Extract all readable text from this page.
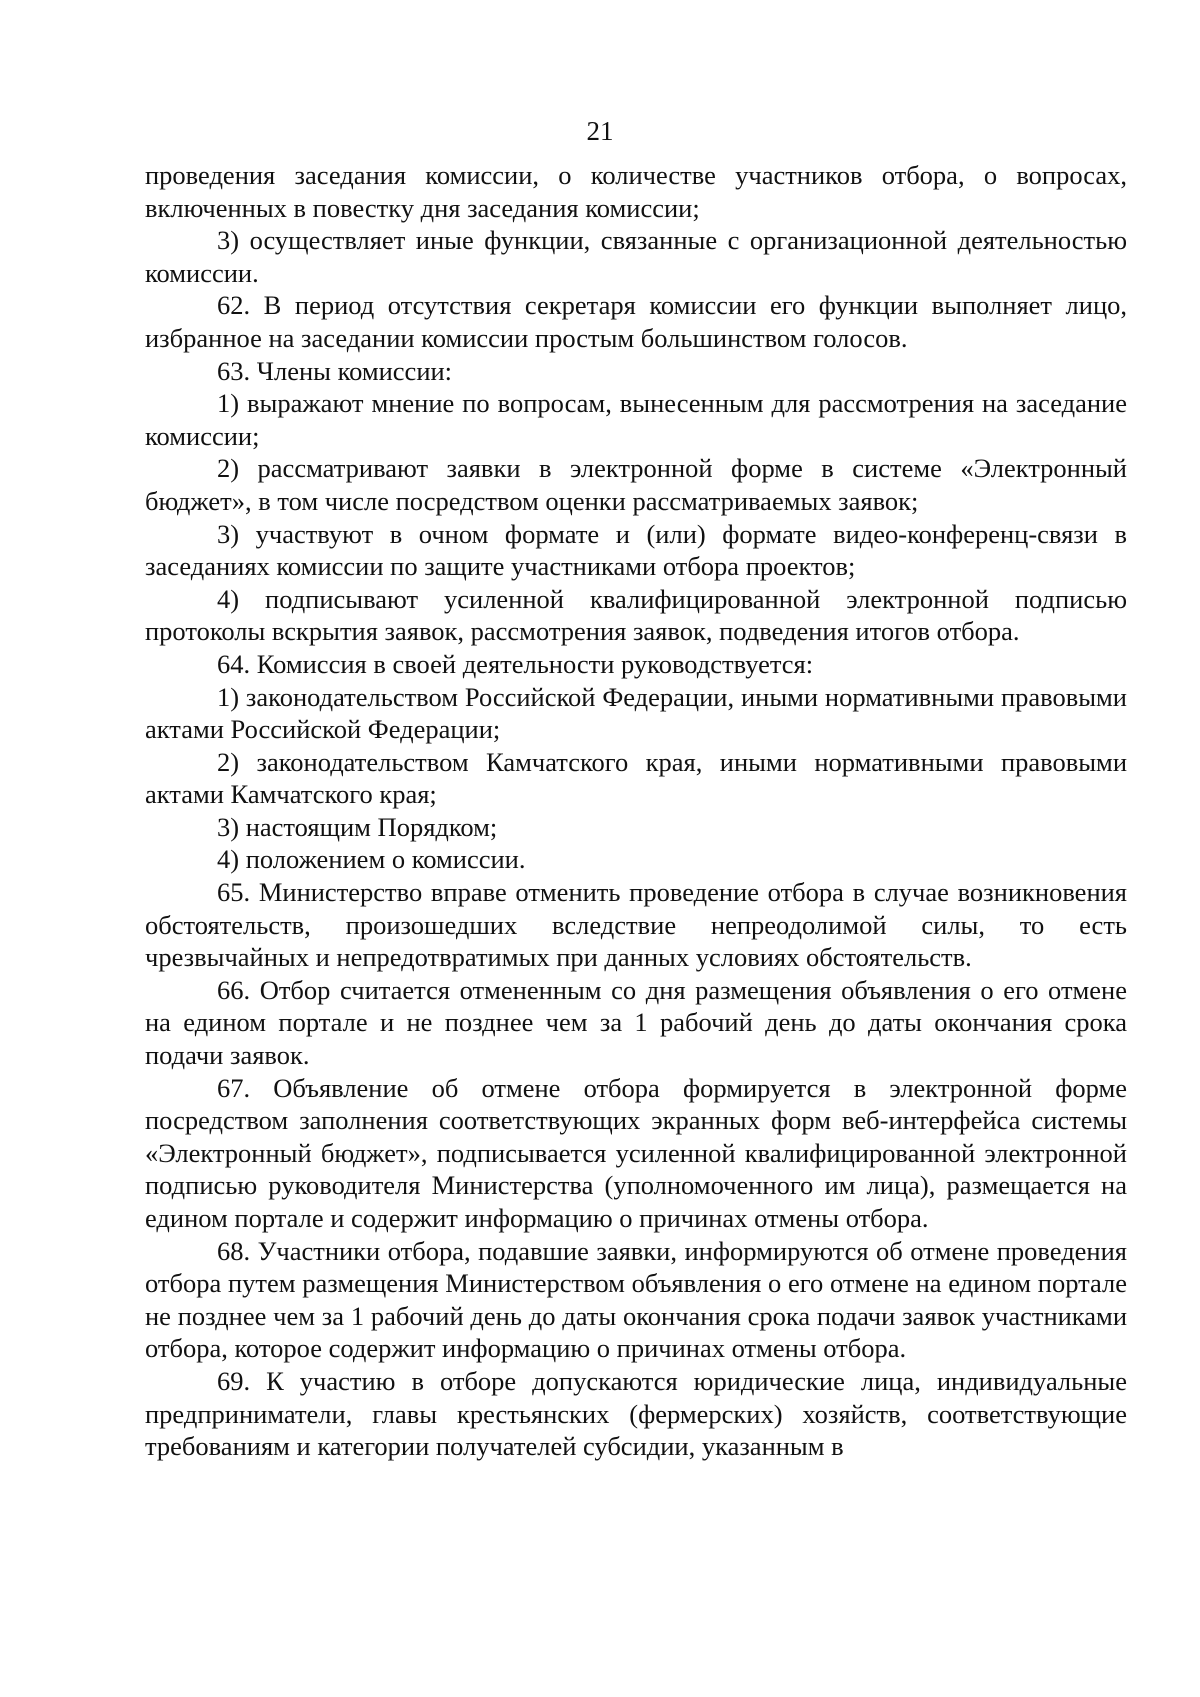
21

проведения заседания комиссии, о количестве участников отбора, о вопросах, включенных в повестку дня заседания комиссии;

3) осуществляет иные функции, связанные с организационной деятельностью комиссии.

62. В период отсутствия секретаря комиссии его функции выполняет лицо, избранное на заседании комиссии простым большинством голосов.

63. Члены комиссии:

1) выражают мнение по вопросам, вынесенным для рассмотрения на заседание комиссии;

2) рассматривают заявки в электронной форме в системе «Электронный бюджет», в том числе посредством оценки рассматриваемых заявок;

3) участвуют в очном формате и (или) формате видео-конференц-связи в заседаниях комиссии по защите участниками отбора проектов;

4) подписывают усиленной квалифицированной электронной подписью протоколы вскрытия заявок, рассмотрения заявок, подведения итогов отбора.

64. Комиссия в своей деятельности руководствуется:

1) законодательством Российской Федерации, иными нормативными правовыми актами Российской Федерации;

2) законодательством Камчатского края, иными нормативными правовыми актами Камчатского края;

3) настоящим Порядком;

4) положением о комиссии.

65. Министерство вправе отменить проведение отбора в случае возникновения обстоятельств, произошедших вследствие непреодолимой силы, то есть чрезвычайных и непредотвратимых при данных условиях обстоятельств.

66. Отбор считается отмененным со дня размещения объявления о его отмене на едином портале и не позднее чем за 1 рабочий день до даты окончания срока подачи заявок.

67. Объявление об отмене отбора формируется в электронной форме посредством заполнения соответствующих экранных форм веб-интерфейса системы «Электронный бюджет», подписывается усиленной квалифицированной электронной подписью руководителя Министерства (уполномоченного им лица), размещается на едином портале и содержит информацию о причинах отмены отбора.

68. Участники отбора, подавшие заявки, информируются об отмене проведения отбора путем размещения Министерством объявления о его отмене на едином портале не позднее чем за 1 рабочий день до даты окончания срока подачи заявок участниками отбора, которое содержит информацию о причинах отмены отбора.

69. К участию в отборе допускаются юридические лица, индивидуальные предприниматели, главы крестьянских (фермерских) хозяйств, соответствующие требованиям и категории получателей субсидии, указанным в
